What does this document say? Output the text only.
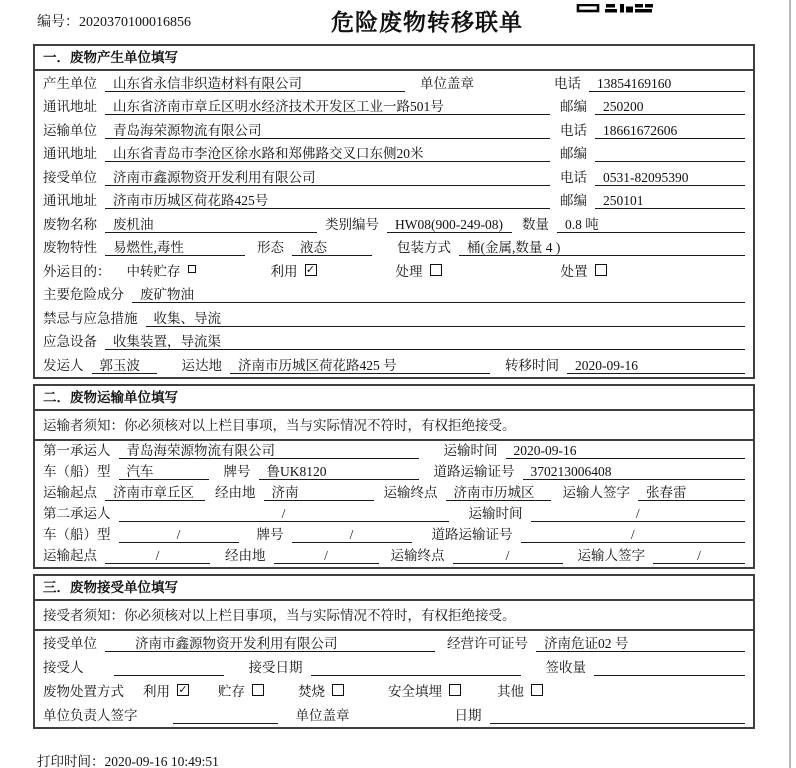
编号：2020370100016856	危险废物转移联单
一．废物产生单位填写
产生单位	山东省永信非织造材料有限公司	单位盖章	电话	13854169160
通讯地址	山东省济南市章丘区明水经济技术开发区工业一路501号	邮编	250200
运输单位	青岛海荣源物流有限公司	电话	18661672606
通讯地址	山东省青岛市李沧区徐水路和郑佛路交叉口东侧20米	邮编
接受单位	济南市鑫源物资开发利用有限公司	电话	0531-82095390
通讯地址	济南市历城区荷花路425号	邮编	250101
废物名称	废机油	类别编号	HW08(900-249-08)	数量	0.8 吨
废物特性	易燃性,毒性	形态	液态	包装方式	桶(金属,数量 4 )
外运目的： 中转贮存	利用 ✓	处理	处置
主要危险成分	废矿物油
禁忌与应急措施	收集、导流
应急设备	收集装置，导流渠
发运人	郭玉波	运达地	济南市历城区荷花路425 号	转移时间	2020-09-16
二．废物运输单位填写
运输者须知：你必须核对以上栏目事项，当与实际情况不符时，有权拒绝接受。
第一承运人	青岛海荣源物流有限公司	运输时间	2020-09-16
车（船）型	汽车	牌号	鲁UK8120	道路运输证号	370213006408
运输起点	济南市章丘区	经由地	济南	运输终点	济南市历城区	运输人签字	张春雷
第二承运人	/	运输时间	/
车（船）型	/	牌号	/	道路运输证号	/
运输起点	/	经由地	/	运输终点	/	运输人签字	/
三．废物接受单位填写
接受者须知：你必须核对以上栏目事项，当与实际情况不符时，有权拒绝接受。
接受单位	济南市鑫源物资开发利用有限公司	经营许可证号	济南危证02 号
接受人	接受日期	签收量
废物处置方式 利用 ✓ 贮存	焚烧	安全填埋	其他
单位负责人签字	单位盖章	日期
打印时间：2020-09-16 10:49:51
